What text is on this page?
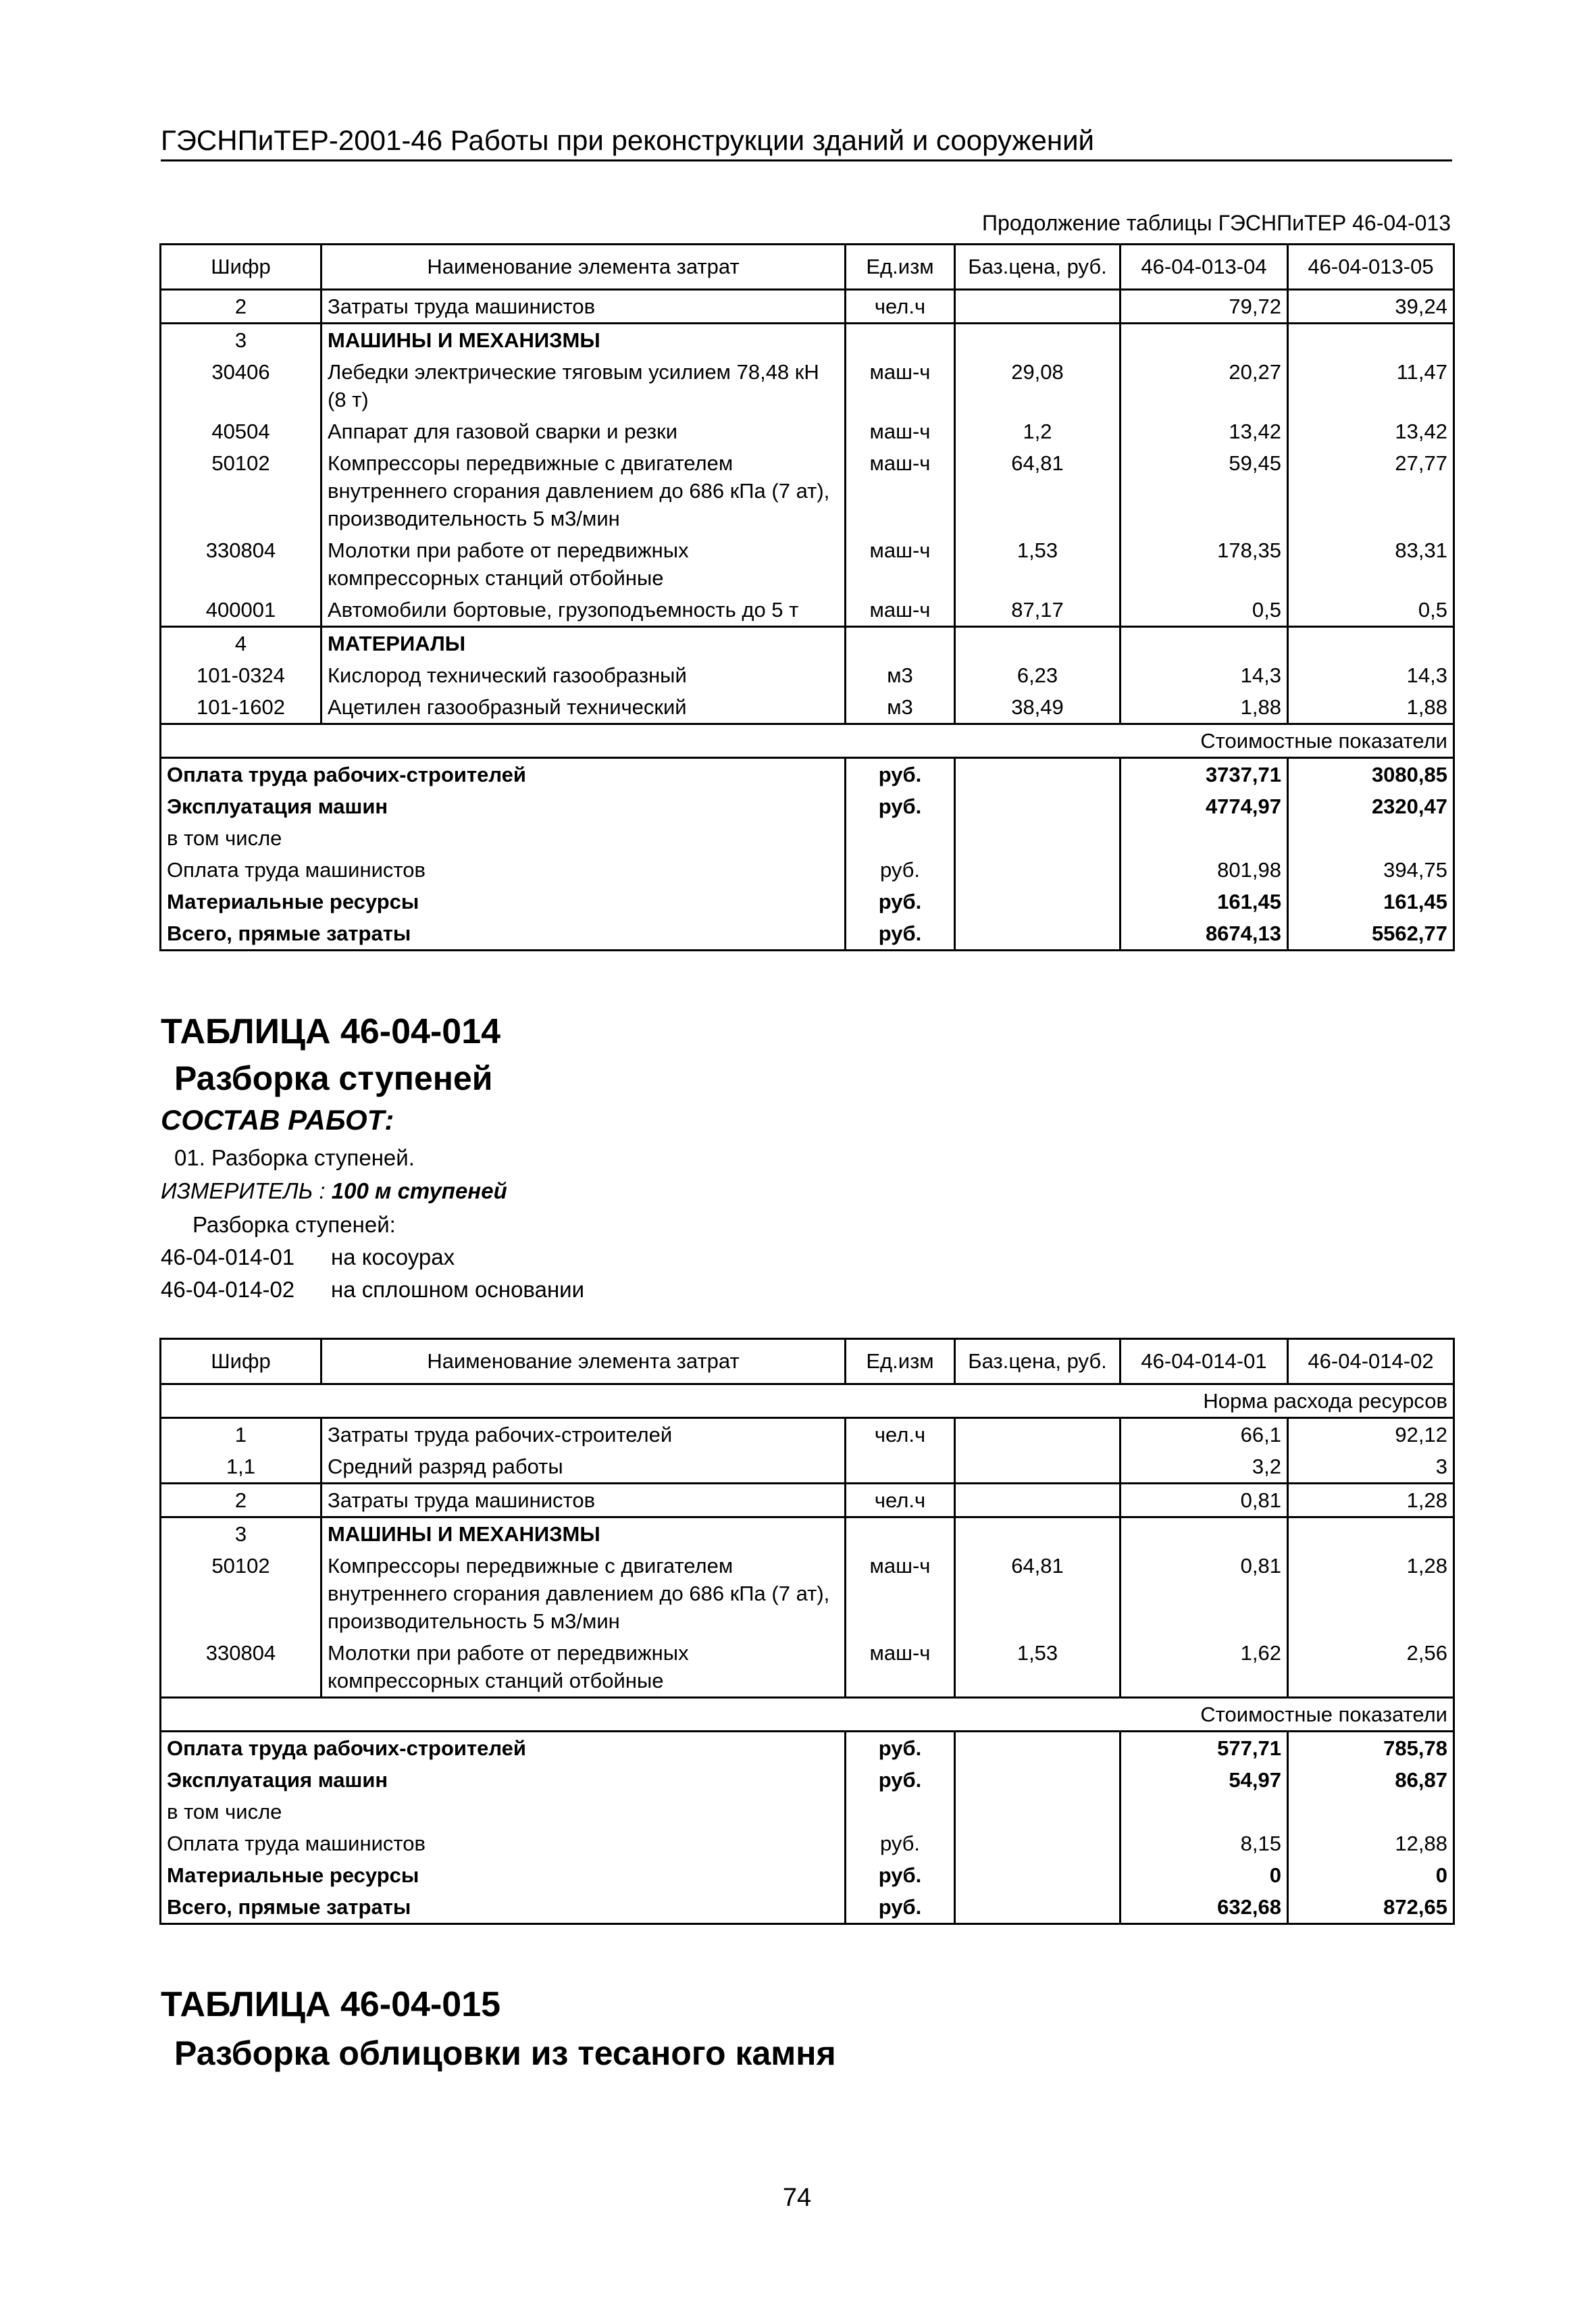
ГЭСНПиТЕР-2001-46 Работы при реконструкции зданий и сооружений
Продолжение таблицы ГЭСНПиТЕР 46-04-013
Шифр	Наименование элемента затрат	Ед.изм	Баз.цена, руб.	46-04-013-04	46-04-013-05
2	Затраты труда машинистов	чел.ч		79,72	39,24
3	МАШИНЫ И МЕХАНИЗМЫ				
30406	Лебедки электрические тяговым усилием 78,48 кН (8 т)	маш-ч	29,08	20,27	11,47
40504	Аппарат для газовой сварки и резки	маш-ч	1,2	13,42	13,42
50102	Компрессоры передвижные с двигателем внутреннего сгорания давлением до 686 кПа (7 ат), производительность 5 м3/мин	маш-ч	64,81	59,45	27,77
330804	Молотки при работе от передвижных компрессорных станций отбойные	маш-ч	1,53	178,35	83,31
400001	Автомобили бортовые, грузоподъемность до 5 т	маш-ч	87,17	0,5	0,5
4	МАТЕРИАЛЫ				
101-0324	Кислород технический газообразный	м3	6,23	14,3	14,3
101-1602	Ацетилен газообразный технический	м3	38,49	1,88	1,88
Стоимостные показатели					
Оплата труда рабочих-строителей		руб.		3737,71	3080,85
Эксплуатация машин		руб.		4774,97	2320,47
в том числе					
Оплата труда машинистов		руб.		801,98	394,75
Материальные ресурсы		руб.		161,45	161,45
Всего, прямые затраты		руб.		8674,13	5562,77
ТАБЛИЦА 46-04-014
Разборка ступеней
СОСТАВ РАБОТ:
01. Разборка ступеней.
ИЗМЕРИТЕЛЬ : 100 м ступеней
Разборка ступеней:
46-04-014-01 на косоурах
46-04-014-02 на сплошном основании
Шифр	Наименование элемента затрат	Ед.изм	Баз.цена, руб.	46-04-014-01	46-04-014-02
Норма расхода ресурсов					
1	Затраты труда рабочих-строителей	чел.ч		66,1	92,12
1,1	Средний разряд работы			3,2	3
2	Затраты труда машинистов	чел.ч		0,81	1,28
3	МАШИНЫ И МЕХАНИЗМЫ				
50102	Компрессоры передвижные с двигателем внутреннего сгорания давлением до 686 кПа (7 ат), производительность 5 м3/мин	маш-ч	64,81	0,81	1,28
330804	Молотки при работе от передвижных компрессорных станций отбойные	маш-ч	1,53	1,62	2,56
Стоимостные показатели					
Оплата труда рабочих-строителей		руб.		577,71	785,78
Эксплуатация машин		руб.		54,97	86,87
в том числе					
Оплата труда машинистов		руб.		8,15	12,88
Материальные ресурсы		руб.		0	0
Всего, прямые затраты		руб.		632,68	872,65
ТАБЛИЦА 46-04-015
Разборка облицовки из тесаного камня
74
